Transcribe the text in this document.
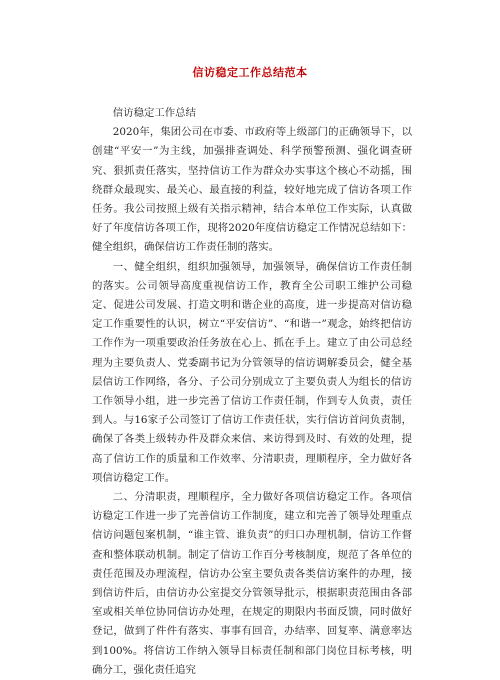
信访稳定工作总结范本

信访稳定工作总结

2020年，集团公司在市委、市政府等上级部门的正确领导下，以创建“平安一”为主线，加强排查调处、科学预警预测、强化调查研究、狠抓责任落实，坚持信访工作为群众办实事这个核心不动摇，围绕群众最现实、最关心、最直接的利益，较好地完成了信访各项工作任务。我公司按照上级有关指示精神，结合本单位工作实际，认真做好了年度信访各项工作，现将2020年度信访稳定工作情况总结如下：健全组织，确保信访工作责任制的落实。

一、健全组织，组织加强领导，加强领导，确保信访工作责任制的落实。公司领导高度重视信访工作，教育全公司职工维护公司稳定、促进公司发展、打造文明和谐企业的高度，进一步提高对信访稳定工作重要性的认识，树立“平安信访”、“和谐一”观念，始终把信访工作作为一项重要政治任务放在心上、抓在手上。建立了由公司总经理为主要负责人、党委副书记为分管领导的信访调解委员会，健全基层信访工作网络，各分、子公司分别成立了主要负责人为组长的信访工作领导小组，进一步完善了信访工作责任制，作到专人负责，责任到人。与16家子公司签订了信访工作责任状，实行信访首问负责制，确保了各类上级转办件及群众来信、来访得到及时、有效的处理，提高了信访工作的质量和工作效率、分清职责，理顺程序，全力做好各项信访稳定工作。

二、分清职责，理顺程序，全力做好各项信访稳定工作。各项信访稳定工作进一步了完善信访工作制度，建立和完善了领导处理重点信访问题包案机制，“谁主管、谁负责”的归口办理机制，信访工作督查和整体联动机制。制定了信访工作百分考核制度，规范了各单位的责任范围及办理流程，信访办公室主要负责各类信访案件的办理，接到信访件后，由信访办公室提交分管领导批示，根据职责范围由各部室或相关单位协同信访办处理，在规定的期限内书面反馈，同时做好登记，做到了件件有落实、事事有回音，办结率、回复率、满意率达到100%。将信访工作纳入领导目标责任制和部门岗位目标考核，明确分工，强化责任追究
